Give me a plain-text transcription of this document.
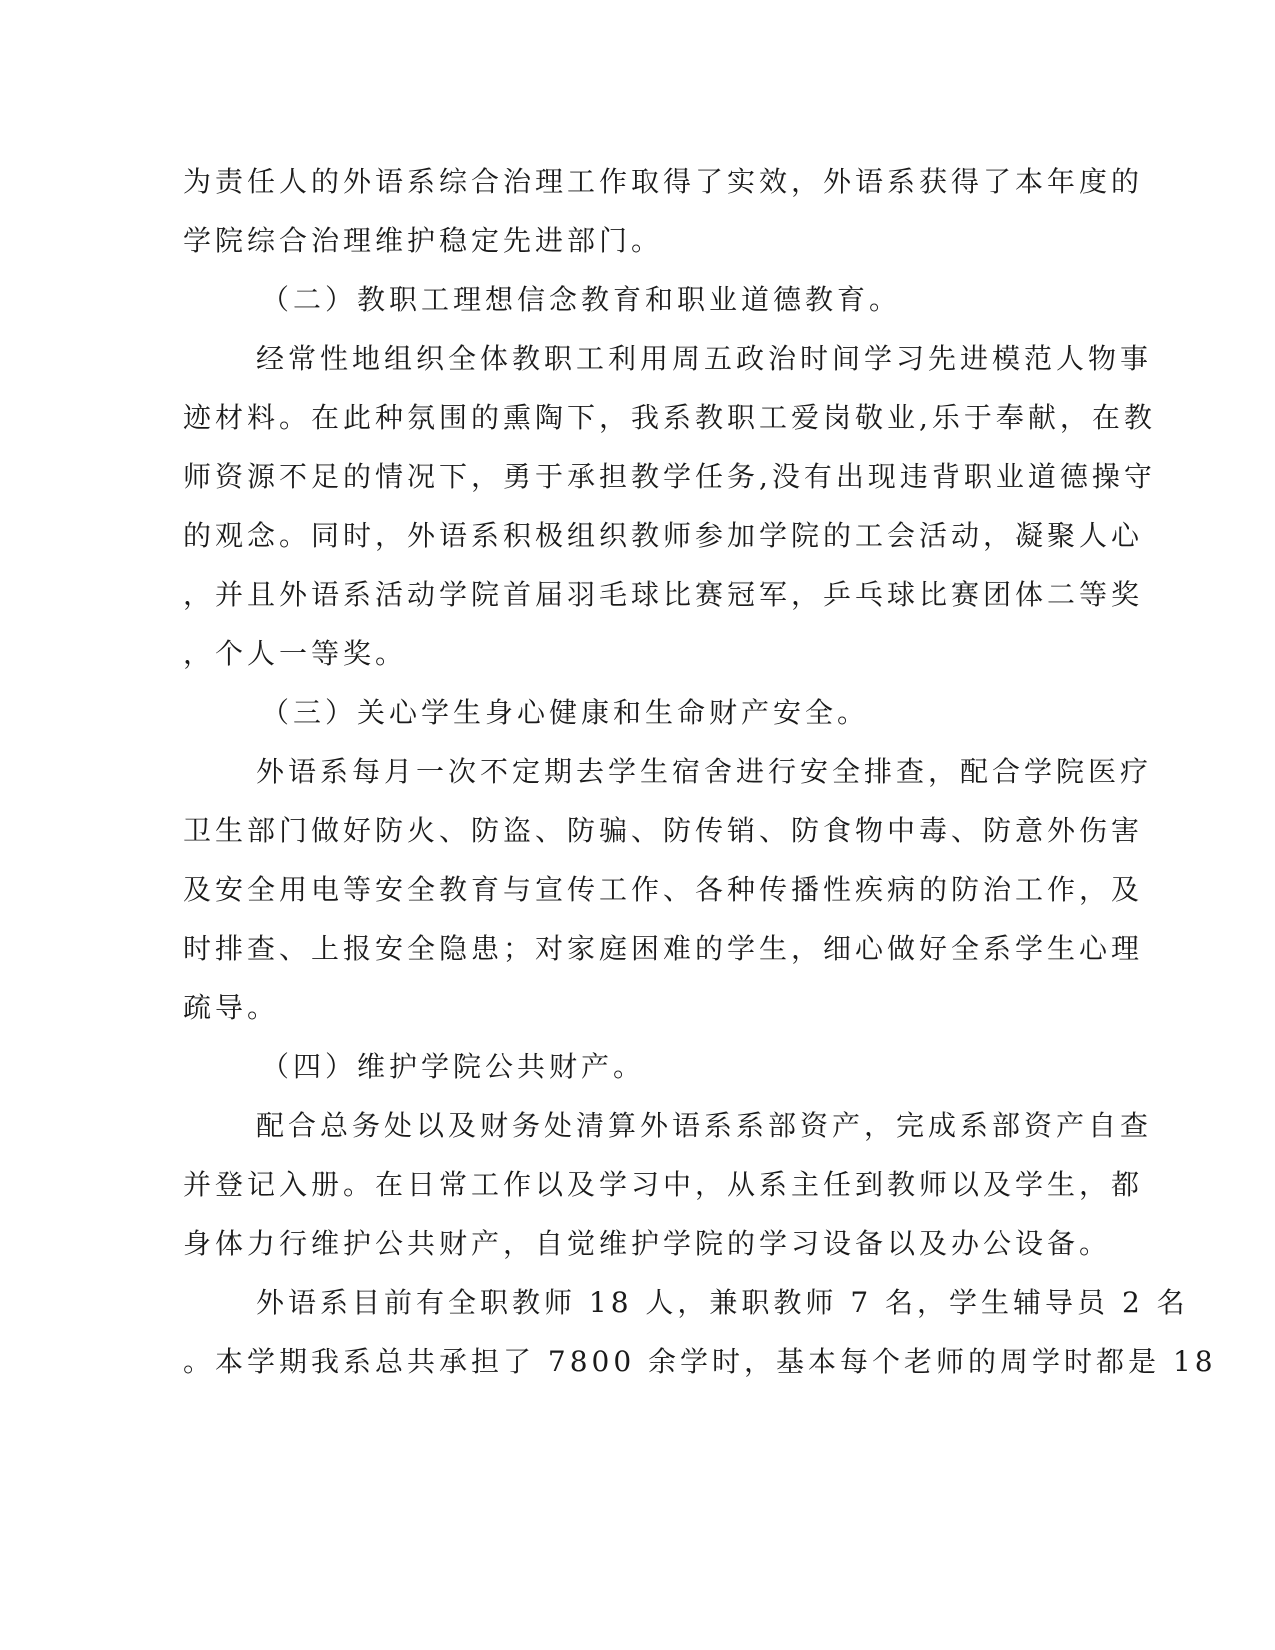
为责任人的外语系综合治理工作取得了实效，外语系获得了本年度的
学院综合治理维护稳定先进部门。
（二）教职工理想信念教育和职业道德教育。
经常性地组织全体教职工利用周五政治时间学习先进模范人物事
迹材料。在此种氛围的熏陶下，我系教职工爱岗敬业,乐于奉献，在教
师资源不足的情况下，勇于承担教学任务,没有出现违背职业道德操守
的观念。同时，外语系积极组织教师参加学院的工会活动，凝聚人心
，并且外语系活动学院首届羽毛球比赛冠军，乒乓球比赛团体二等奖
，个人一等奖。
（三）关心学生身心健康和生命财产安全。
外语系每月一次不定期去学生宿舍进行安全排查，配合学院医疗
卫生部门做好防火、防盗、防骗、防传销、防食物中毒、防意外伤害
及安全用电等安全教育与宣传工作、各种传播性疾病的防治工作，及
时排查、上报安全隐患；对家庭困难的学生，细心做好全系学生心理
疏导。
（四）维护学院公共财产。
配合总务处以及财务处清算外语系系部资产，完成系部资产自查
并登记入册。在日常工作以及学习中，从系主任到教师以及学生，都
身体力行维护公共财产，自觉维护学院的学习设备以及办公设备。
外语系目前有全职教师 18 人，兼职教师 7 名，学生辅导员 2 名
。本学期我系总共承担了 7800 余学时，基本每个老师的周学时都是 18
